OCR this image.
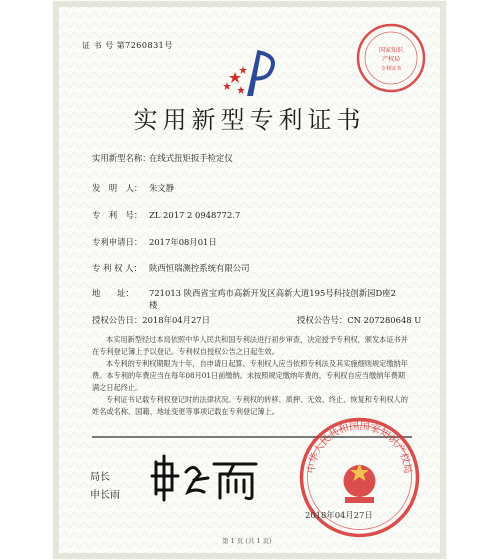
证 书 号 第7260831号
国家知识
产权局
专利证书
实用新型专利证书
实用新型名称：在线式扭矩扳手检定仪
发　明　人： 朱文静
专　利　号： ZL 2017 2 0948772.7
专利申请日： 2017年08月01日
专 利 权 人： 陕西恒瑞测控系统有限公司
地　　址：	721013 陕西省宝鸡市高新开发区高新大道195号科技创新园D座2楼
授权公告日：2018年04月27日	授权公告号：CN 207280648 U
本实用新型经过本局依照中华人民共和国专利法进行初步审查，决定授予专利权，颁发本证书并在专利登记簿上予以登记。专利权自授权公告之日起生效。
本专利的专利权期限为十年，自申请日起算。专利权人应当依照专利法及其实施细则规定缴纳年费。本专利的年费应当在每年08月01日前缴纳。未按照规定缴纳年费的，专利权自应当缴纳年费期满之日起终止。
专利证书记载专利权登记时的法律状况。专利权的转移、质押、无效、终止、恢复和专利权人的姓名或名称、国籍、地址变更等事项记载在专利登记簿上。
局长
申长雨
中华人民共和国国家知识产权局
2018年04月27日
第 1 页 (共 1 页)
